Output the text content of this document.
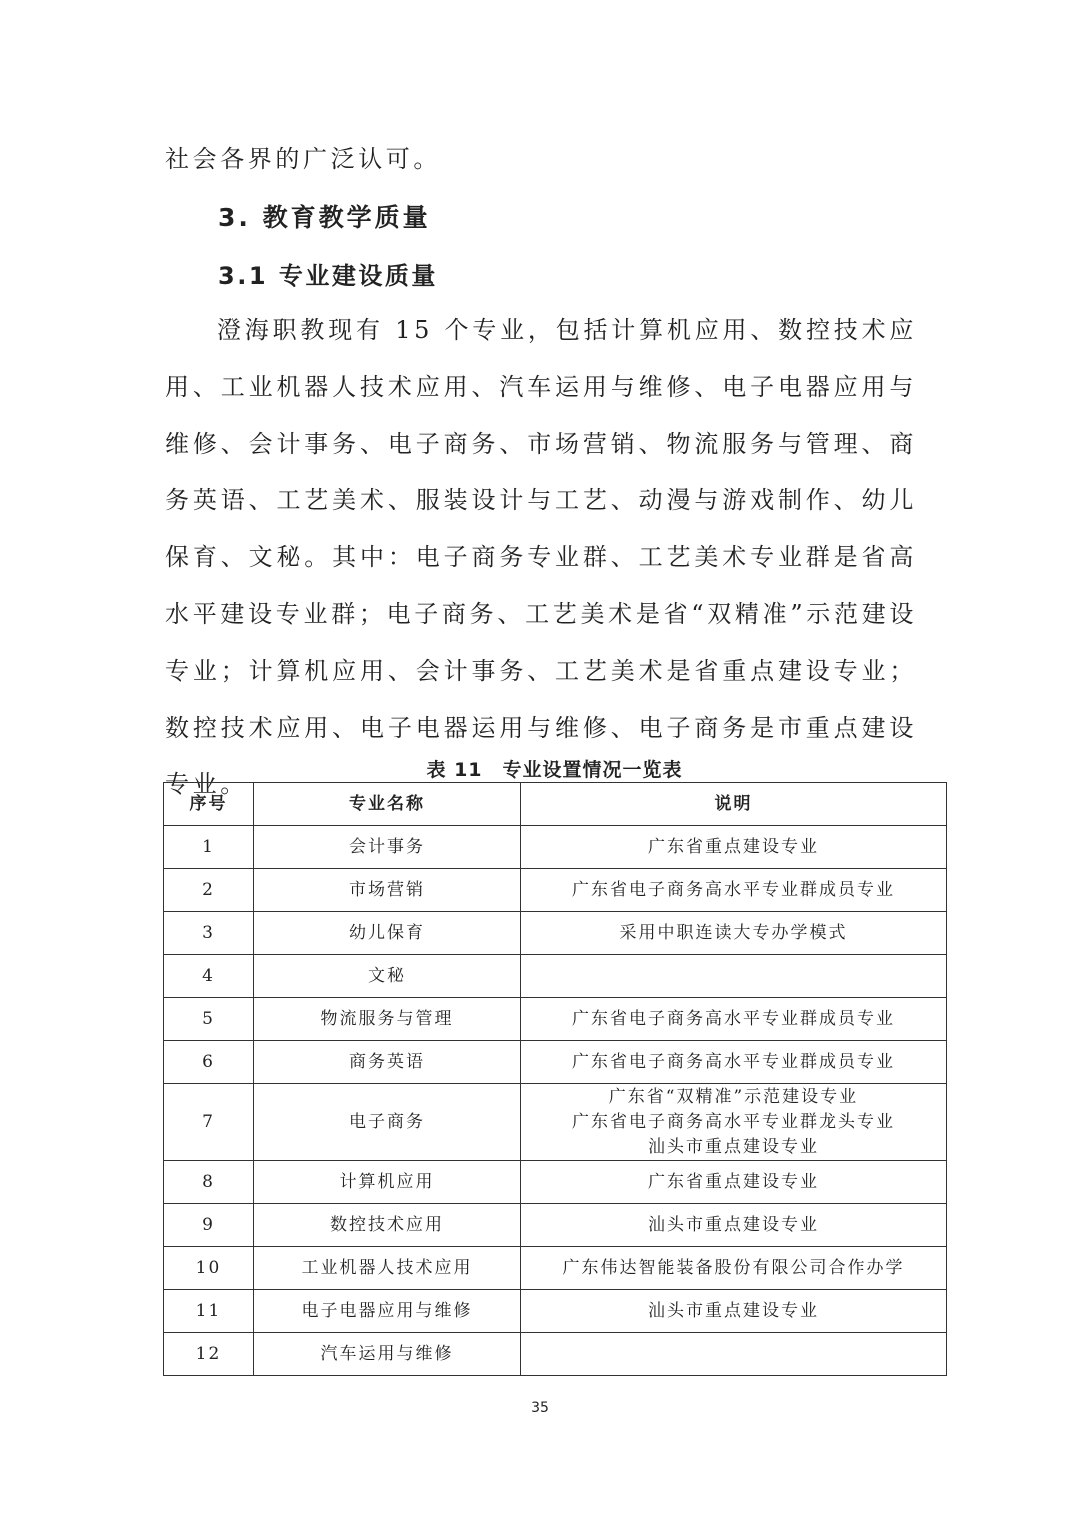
社会各界的广泛认可。

3. 教育教学质量
3.1 专业建设质量

澄海职教现有 15 个专业，包括计算机应用、数控技术应用、工业机器人技术应用、汽车运用与维修、电子电器应用与维修、会计事务、电子商务、市场营销、物流服务与管理、商务英语、工艺美术、服装设计与工艺、动漫与游戏制作、幼儿保育、文秘。其中：电子商务专业群、工艺美术专业群是省高水平建设专业群；电子商务、工艺美术是省“双精准”示范建设专业；计算机应用、会计事务、工艺美术是省重点建设专业；数控技术应用、电子电器运用与维修、电子商务是市重点建设专业。

表 11　专业设置情况一览表

序号	专业名称	说明
1	会计事务	广东省重点建设专业

2	市场营销	广东省电子商务高水平专业群成员专业

3	幼儿保育	采用中职连读大专办学模式

4	文秘	
5	物流服务与管理	广东省电子商务高水平专业群成员专业

6	商务英语	广东省电子商务高水平专业群成员专业

7	电子商务	广东省“双精准”示范建设专业
广东省电子商务高水平专业群龙头专业
汕头市重点建设专业

8	计算机应用	广东省重点建设专业

9	数控技术应用	汕头市重点建设专业

10	工业机器人技术应用	广东伟达智能装备股份有限公司合作办学

11	电子电器应用与维修	汕头市重点建设专业

12	汽车运用与维修	

35
